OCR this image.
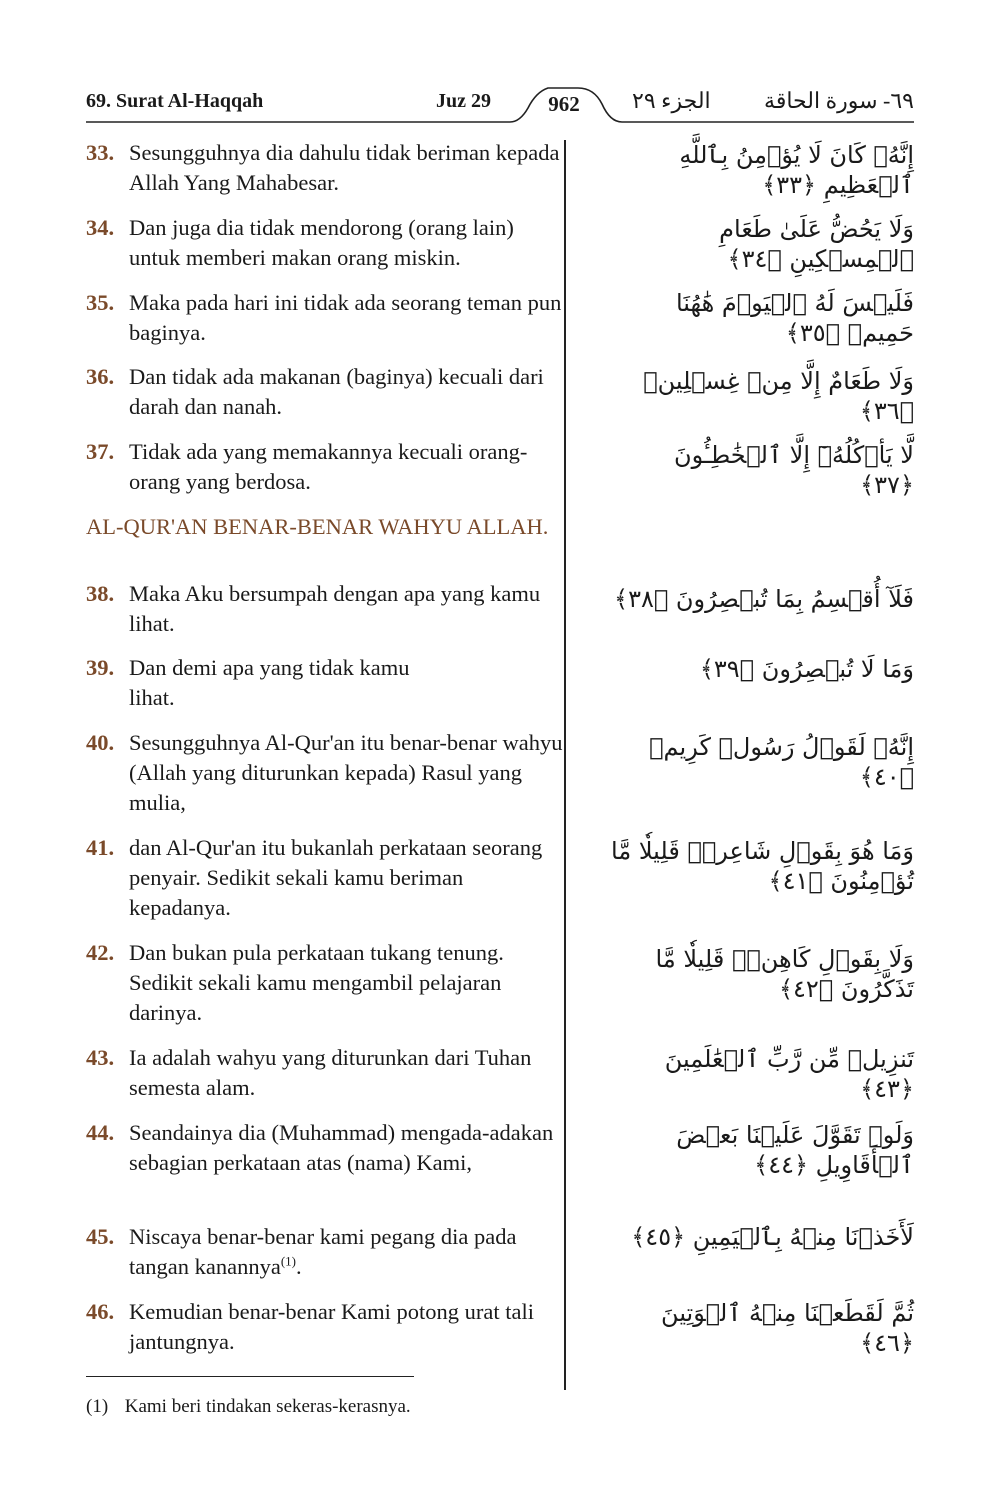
69. Surat Al-Haqqah	Juz 29	962	الجزء ٢٩ ٦٩- سورة الحاقة
33. Sesungguhnya dia dahulu tidak beriman kepada Allah Yang Mahabesar.
إِنَّهُۥ كَانَ لَا يُؤۡمِنُ بِٱللَّهِ ٱلۡعَظِيمِ ﴿٣٣﴾
34. Dan juga dia tidak mendorong (orang lain) untuk memberi makan orang miskin.
وَلَا يَحُضُّ عَلَىٰ طَعَامِ ٱلۡمِسۡكِينِ ﴿٣٤﴾
35. Maka pada hari ini tidak ada seorang teman pun baginya.
فَلَيۡسَ لَهُ ٱلۡيَوۡمَ هَٰهُنَا حَمِيمٞ ﴿٣٥﴾
36. Dan tidak ada makanan (baginya) kecuali dari darah dan nanah.
وَلَا طَعَامٌ إِلَّا مِنۡ غِسۡلِينٖ ﴿٣٦﴾
37. Tidak ada yang memakannya kecuali orang-orang yang berdosa.
لَّا يَأۡكُلُهُۥٓ إِلَّا ٱلۡخَٰطِـُٔونَ ﴿٣٧﴾
AL-QUR'AN BENAR-BENAR WAHYU ALLAH.
38. Maka Aku bersumpah dengan apa yang kamu lihat.
فَلَآ أُقۡسِمُ بِمَا تُبۡصِرُونَ ﴿٣٨﴾
39. Dan demi apa yang tidak kamu lihat.
وَمَا لَا تُبۡصِرُونَ ﴿٣٩﴾
40. Sesungguhnya Al-Qur'an itu benar-benar wahyu (Allah yang diturunkan kepada) Rasul yang mulia,
إِنَّهُۥ لَقَوۡلُ رَسُولٖ كَرِيمٖ ﴿٤٠﴾
41. dan Al-Qur'an itu bukanlah perkataan seorang penyair. Sedikit sekali kamu beriman kepadanya.
وَمَا هُوَ بِقَوۡلِ شَاعِرٖۚ قَلِيلٗا مَّا تُؤۡمِنُونَ ﴿٤١﴾
42. Dan bukan pula perkataan tukang tenung. Sedikit sekali kamu mengambil pelajaran darinya.
وَلَا بِقَوۡلِ كَاهِنٖۚ قَلِيلٗا مَّا تَذَكَّرُونَ ﴿٤٢﴾
43. Ia adalah wahyu yang diturunkan dari Tuhan semesta alam.
تَنزِيلٞ مِّن رَّبِّ ٱلۡعَٰلَمِينَ ﴿٤٣﴾
44. Seandainya dia (Muhammad) mengada-adakan sebagian perkataan atas (nama) Kami,
وَلَوۡ تَقَوَّلَ عَلَيۡنَا بَعۡضَ ٱلۡأَقَاوِيلِ ﴿٤٤﴾
45. Niscaya benar-benar kami pegang dia pada tangan kanannya$^{(1)}$.
لَأَخَذۡنَا مِنۡهُ بِٱلۡيَمِينِ ﴿٤٥﴾
46. Kemudian benar-benar Kami potong urat tali jantungnya.
ثُمَّ لَقَطَعۡنَا مِنۡهُ ٱلۡوَتِينَ ﴿٤٦﴾
(1) Kami beri tindakan sekeras-kerasnya.
